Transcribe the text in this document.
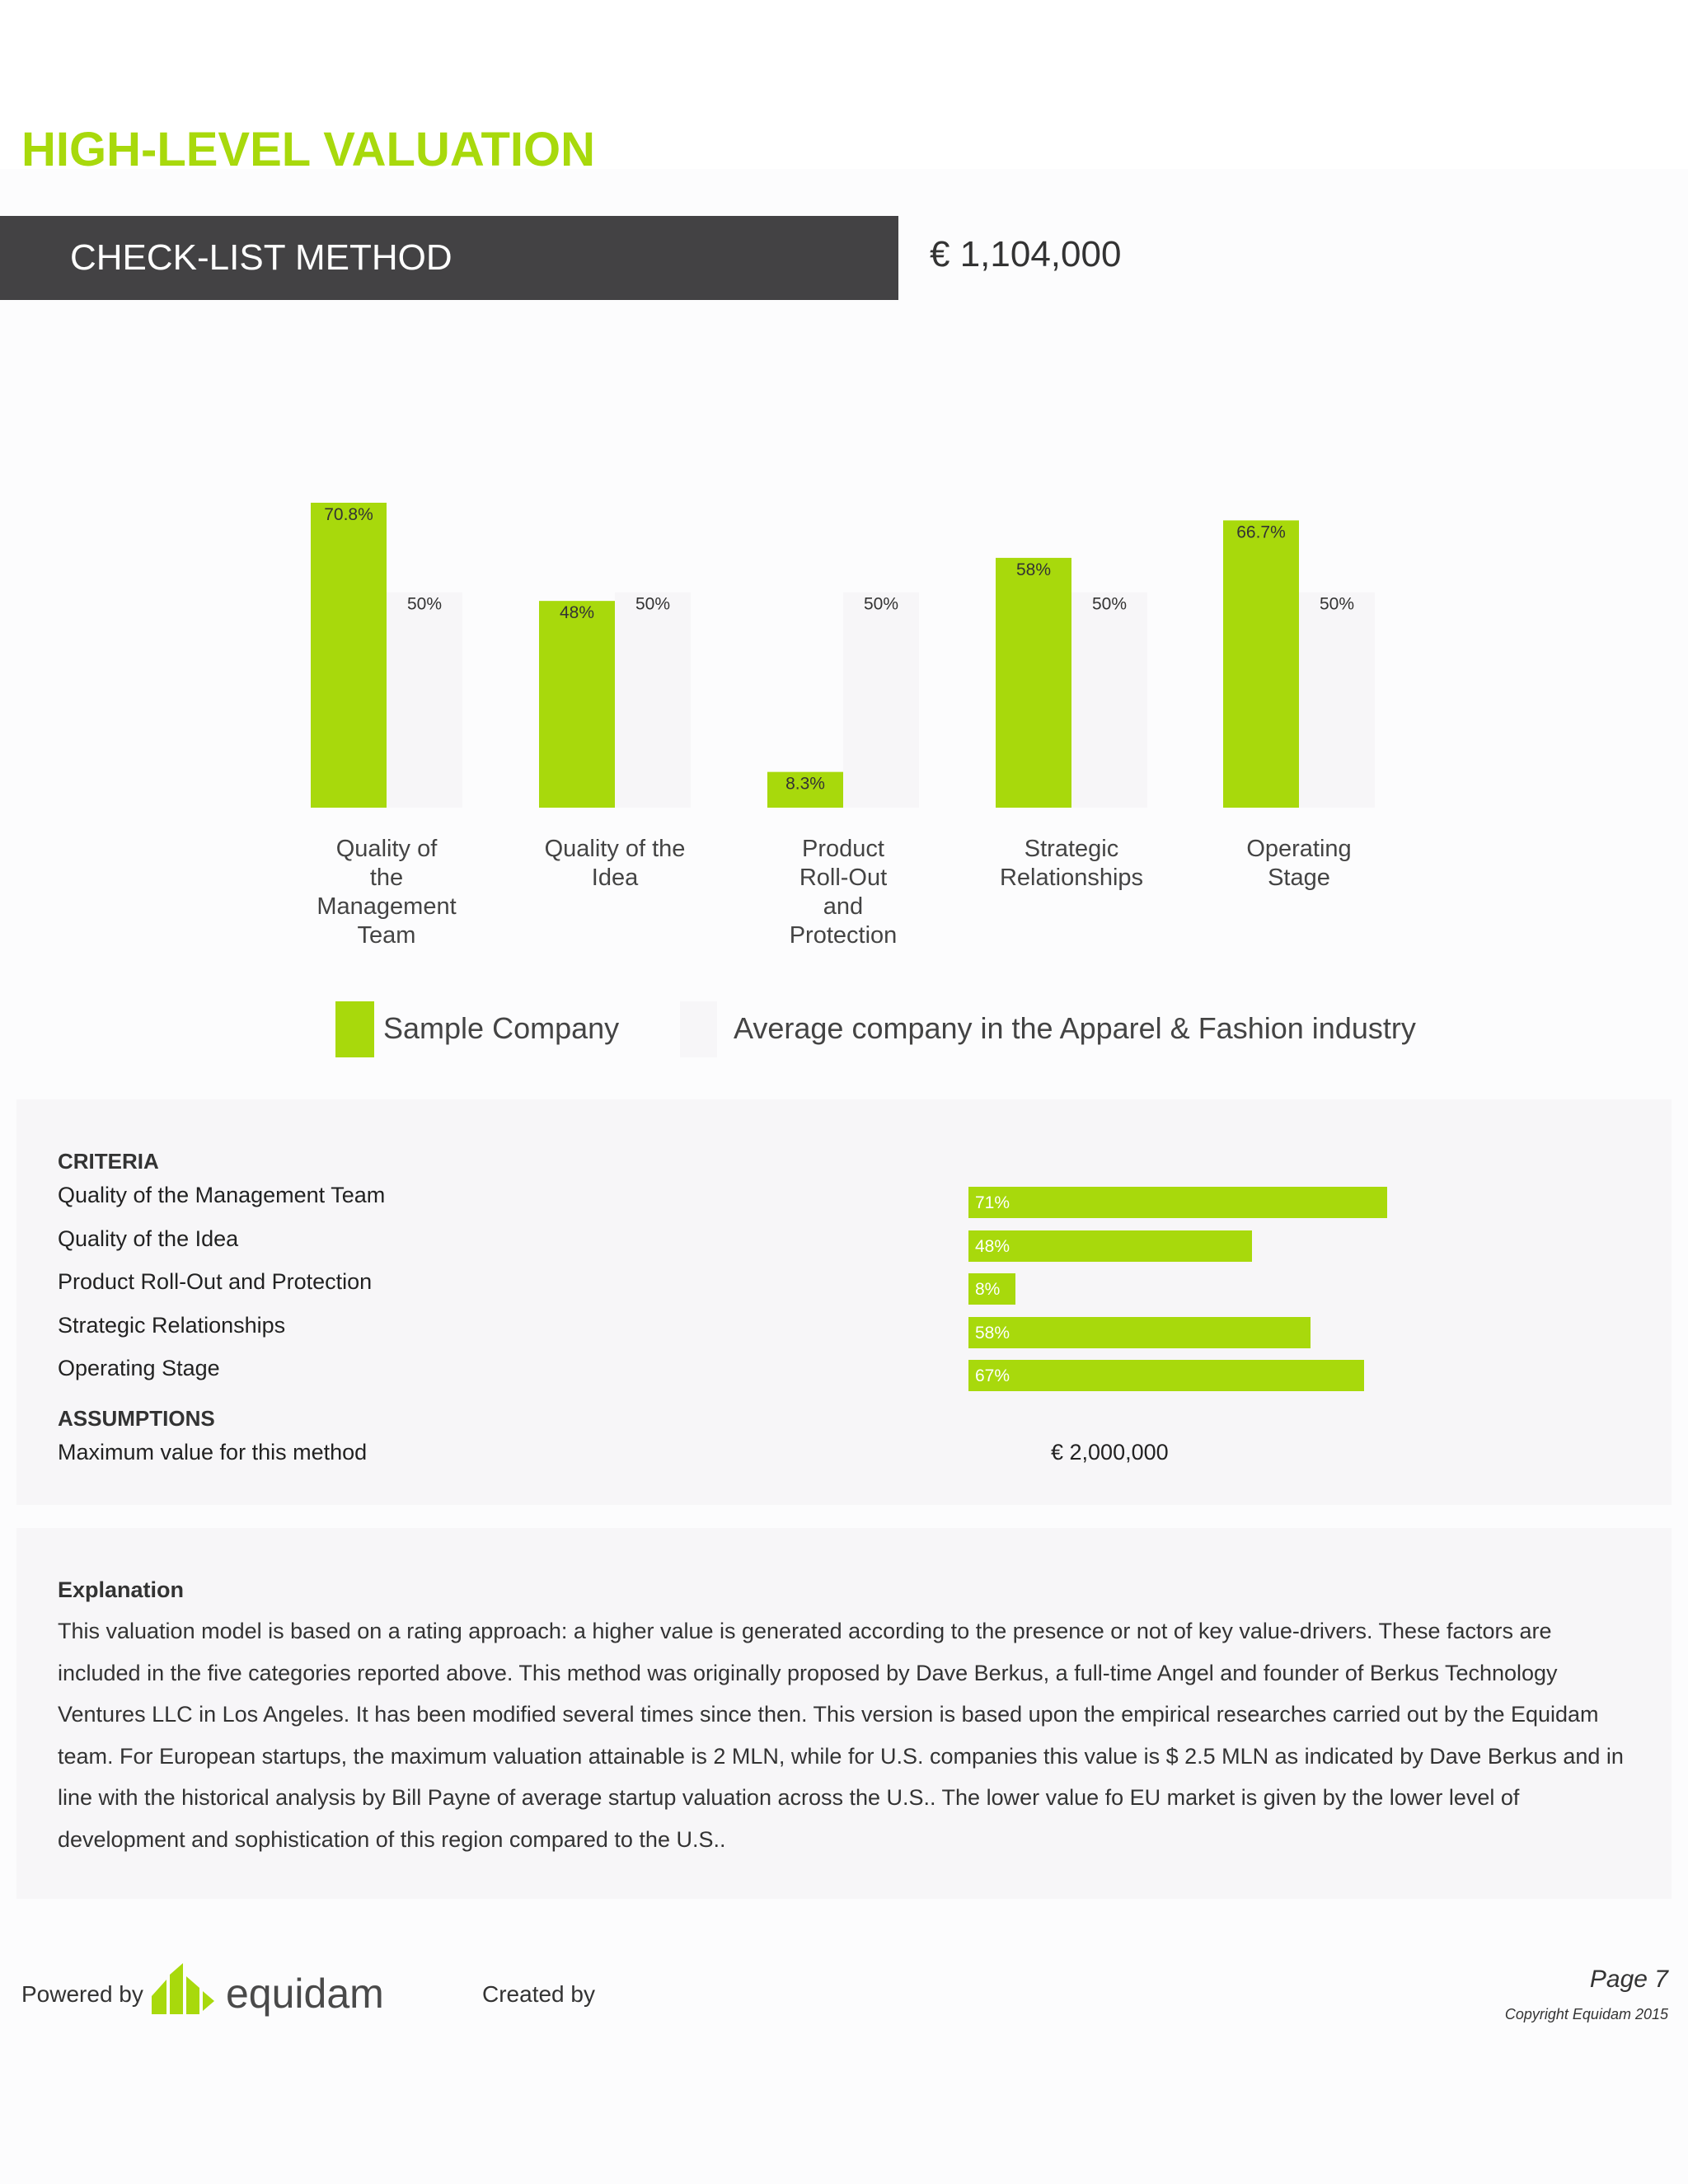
HIGH-LEVEL VALUATION
CHECK-LIST METHOD	€ 1,104,000
50%
70.8%
Quality of the Management Team
50%
48%
Quality of the Idea
50%
8.3%
Product Roll-Out and Protection
50%
58%
Strategic Relationships
50%
66.7%
Operating Stage
Sample Company	Average company in the Apparel & Fashion industry
CRITERIA
Quality of the Management Team	71%
Quality of the Idea	48%
Product Roll-Out and Protection	8%
Strategic Relationships	58%
Operating Stage	67%
ASSUMPTIONS
Maximum value for this method	€ 2,000,000
Explanation

This valuation model is based on a rating approach: a higher value is generated according to the presence or not of key value-drivers. These factors are included in the five categories reported above. This method was originally proposed by Dave Berkus, a full-time Angel and founder of Berkus Technology Ventures LLC in Los Angeles. It has been modified several times since then. This version is based upon the empirical researches carried out by the Equidam team. For European startups, the maximum valuation attainable is 2 MLN, while for U.S. companies this value is $ 2.5 MLN as indicated by Dave Berkus and in line with the historical analysis by Bill Payne of average startup valuation across the U.S.. The lower value fo EU market is given by the lower level of development and sophistication of this region compared to the U.S..

Powered by equidam	Created by
Page 7
Copyright Equidam 2015
